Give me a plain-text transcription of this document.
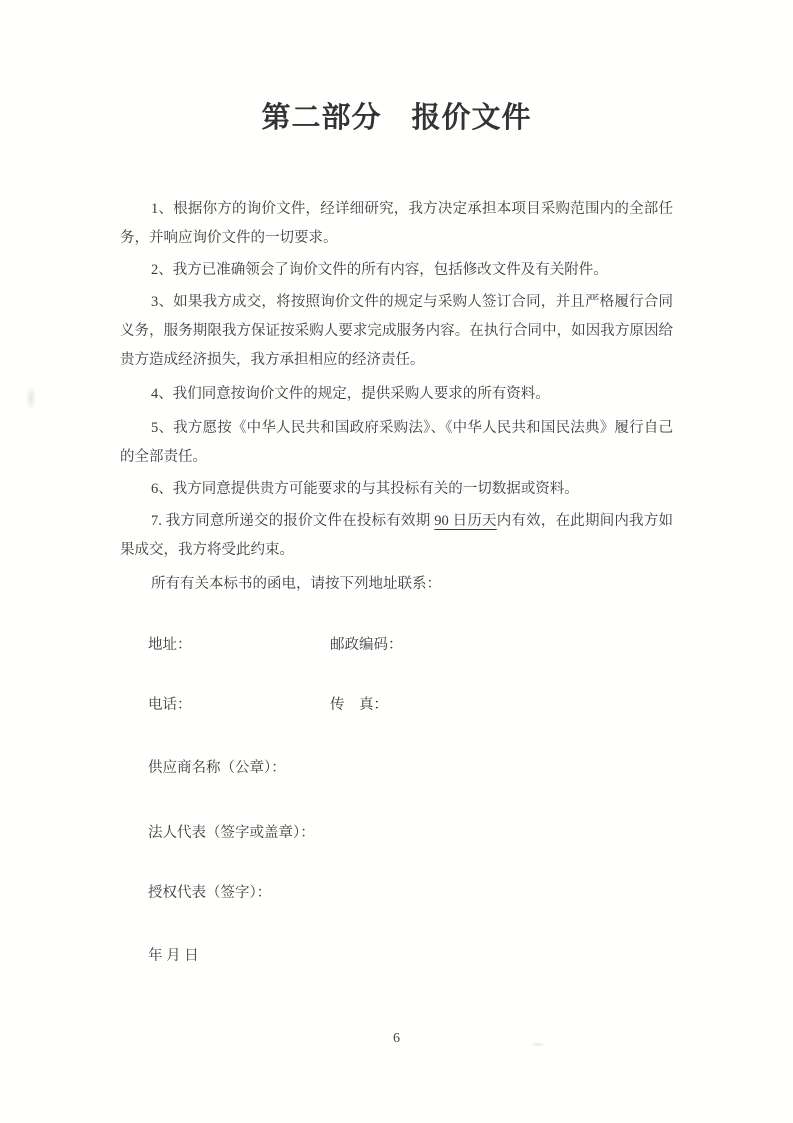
第二部分　报价文件

1、根据你方的询价文件，经详细研究，我方决定承担本项目采购范围内的全部任务，并响应询价文件的一切要求。

2、我方已准确领会了询价文件的所有内容，包括修改文件及有关附件。

3、如果我方成交，将按照询价文件的规定与采购人签订合同，并且严格履行合同义务，服务期限我方保证按采购人要求完成服务内容。在执行合同中，如因我方原因给贵方造成经济损失，我方承担相应的经济责任。

4、我们同意按询价文件的规定，提供采购人要求的所有资料。

5、我方愿按《中华人民共和国政府采购法》、《中华人民共和国民法典》履行自己的全部责任。

6、我方同意提供贵方可能要求的与其投标有关的一切数据或资料。

7. 我方同意所递交的报价文件在投标有效期 90 日历天内有效，在此期间内我方如果成交，我方将受此约束。

所有有关本标书的函电，请按下列地址联系：

地址：	邮政编码：
电话：	传　真：
供应商名称（公章）：
法人代表（签字或盖章）：
授权代表（签字）：
年 月 日
6
